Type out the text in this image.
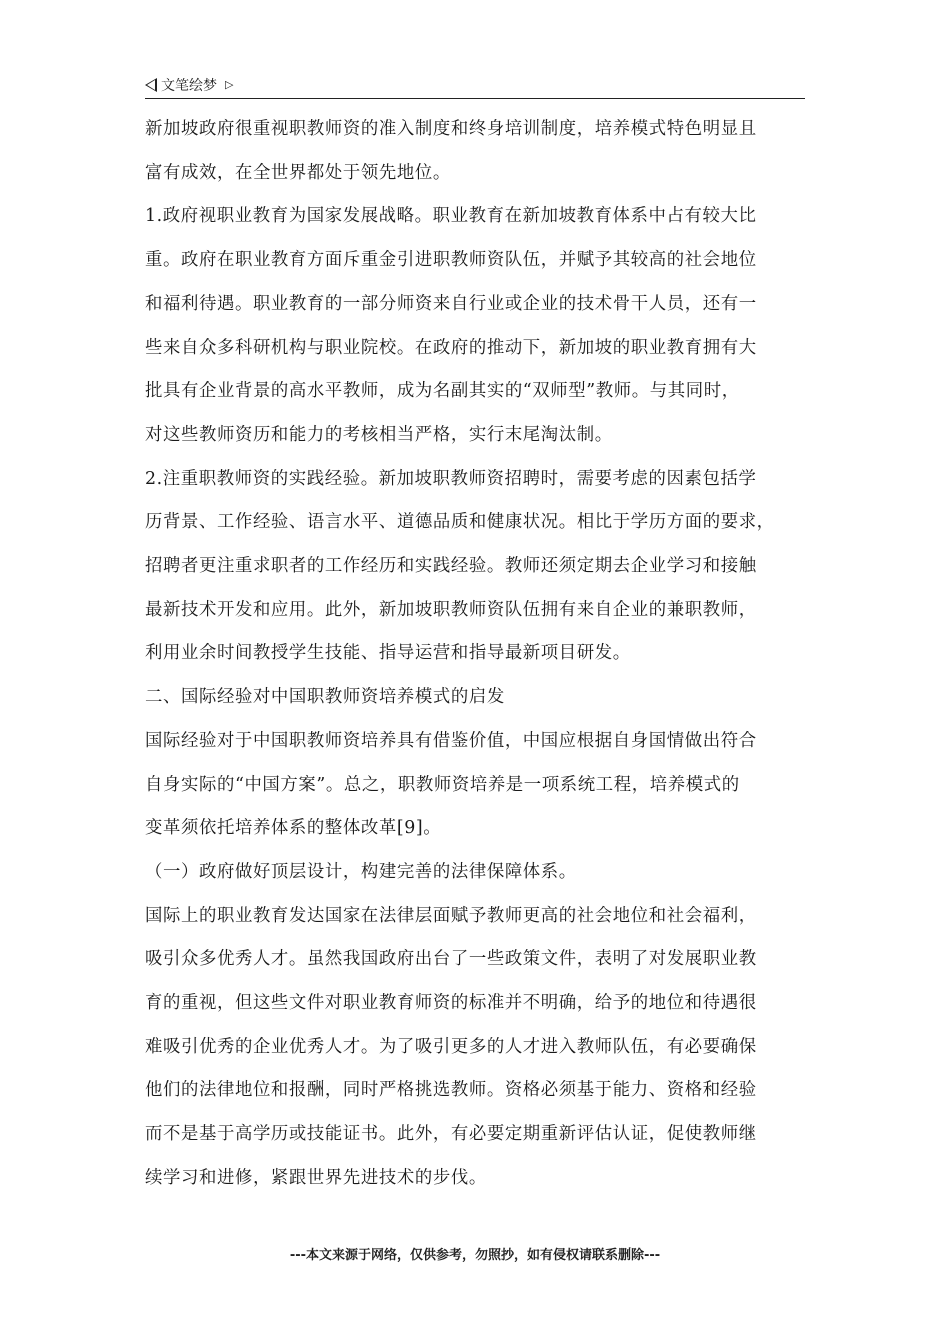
文笔绘梦 ▷

新加坡政府很重视职教师资的准入制度和终身培训制度，培养模式特色明显且
富有成效，在全世界都处于领先地位。

1.政府视职业教育为国家发展战略。职业教育在新加坡教育体系中占有较大比
重。政府在职业教育方面斥重金引进职教师资队伍，并赋予其较高的社会地位
和福利待遇。职业教育的一部分师资来自行业或企业的技术骨干人员，还有一
些来自众多科研机构与职业院校。在政府的推动下，新加坡的职业教育拥有大
批具有企业背景的高水平教师，成为名副其实的“双师型”教师。与其同时，
对这些教师资历和能力的考核相当严格，实行末尾淘汰制。

2.注重职教师资的实践经验。新加坡职教师资招聘时，需要考虑的因素包括学
历背景、工作经验、语言水平、道德品质和健康状况。相比于学历方面的要求，
招聘者更注重求职者的工作经历和实践经验。教师还须定期去企业学习和接触
最新技术开发和应用。此外，新加坡职教师资队伍拥有来自企业的兼职教师，
利用业余时间教授学生技能、指导运营和指导最新项目研发。

二、国际经验对中国职教师资培养模式的启发

国际经验对于中国职教师资培养具有借鉴价值，中国应根据自身国情做出符合
自身实际的“中国方案”。总之，职教师资培养是一项系统工程，培养模式的
变革须依托培养体系的整体改革[9]。

（一）政府做好顶层设计，构建完善的法律保障体系。

国际上的职业教育发达国家在法律层面赋予教师更高的社会地位和社会福利，
吸引众多优秀人才。虽然我国政府出台了一些政策文件，表明了对发展职业教
育的重视，但这些文件对职业教育师资的标准并不明确，给予的地位和待遇很
难吸引优秀的企业优秀人才。为了吸引更多的人才进入教师队伍，有必要确保
他们的法律地位和报酬，同时严格挑选教师。资格必须基于能力、资格和经验
而不是基于高学历或技能证书。此外，有必要定期重新评估认证，促使教师继
续学习和进修，紧跟世界先进技术的步伐。

---本文来源于网络，仅供参考，勿照抄，如有侵权请联系删除---
